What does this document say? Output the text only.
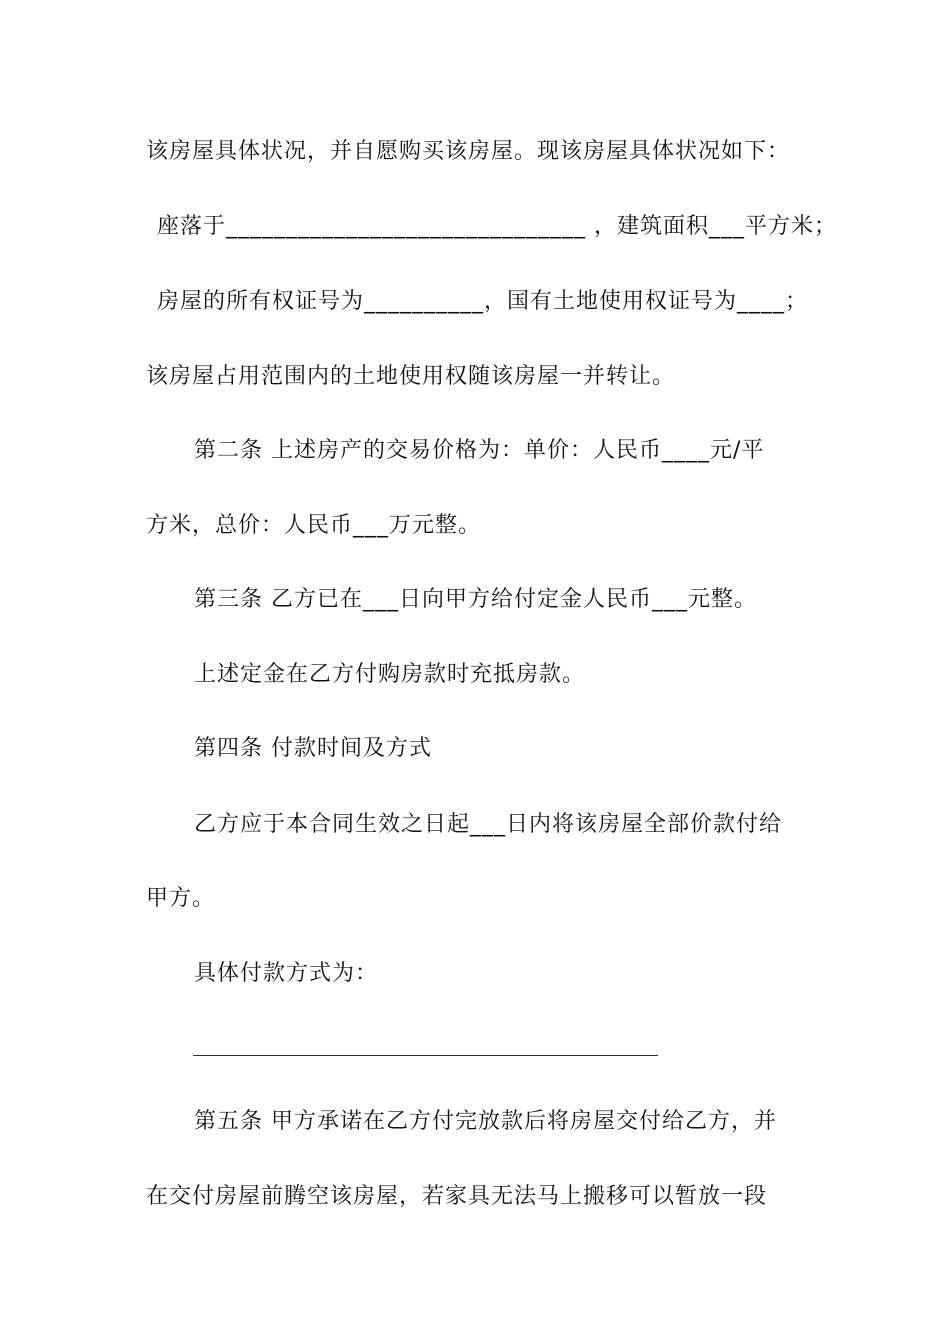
该房屋具体状况，并自愿购买该房屋。现该房屋具体状况如下：
座落于______________________________ ，建筑面积___平方米；
房屋的所有权证号为__________，国有土地使用权证号为____；
该房屋占用范围内的土地使用权随该房屋一并转让。
第二条 上述房产的交易价格为：单价：人民币____元/平
方米，总价：人民币___万元整。
第三条 乙方已在___日向甲方给付定金人民币___元整。
上述定金在乙方付购房款时充抵房款。
第四条 付款时间及方式
乙方应于本合同生效之日起___日内将该房屋全部价款付给
甲方。
具体付款方式为：
第五条 甲方承诺在乙方付完放款后将房屋交付给乙方，并
在交付房屋前腾空该房屋，若家具无法马上搬移可以暂放一段
